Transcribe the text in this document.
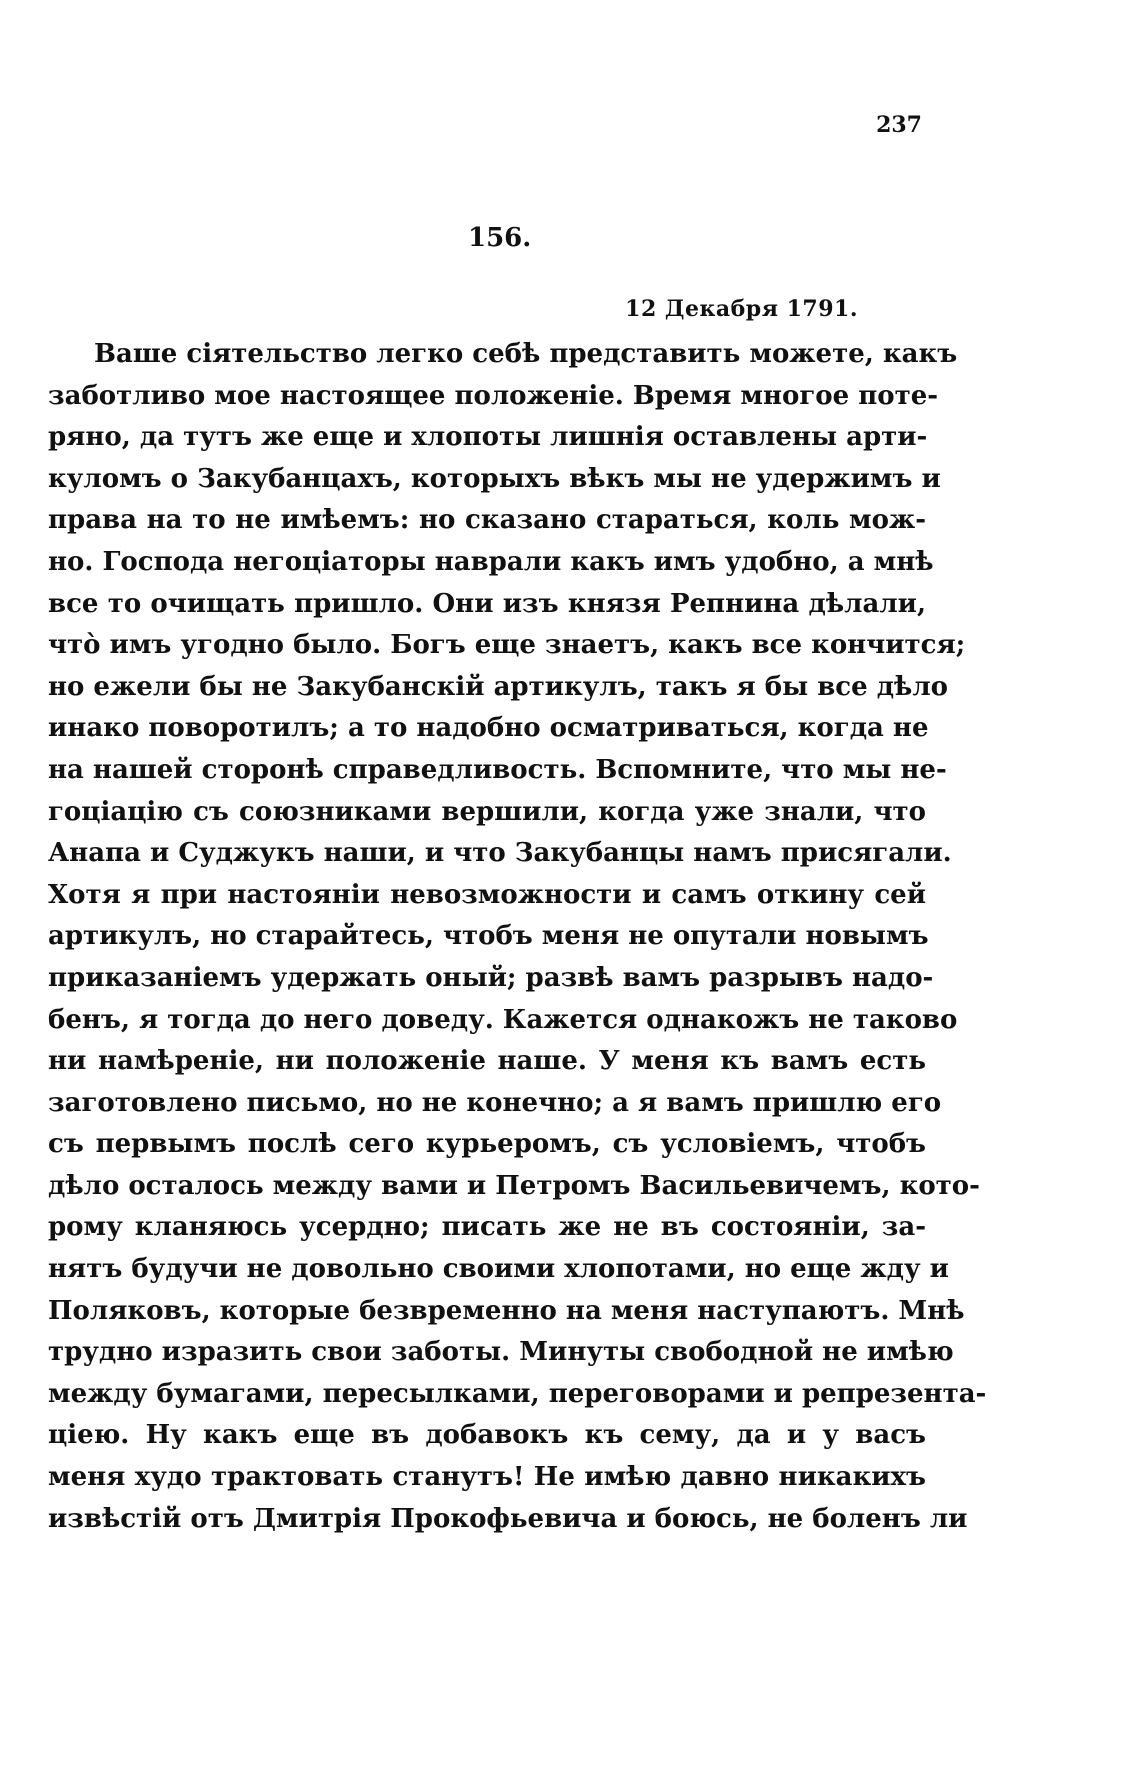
237
156.
12 Декабря 1791.
Ваше сіятельство легко себѣ представить можете, какъ
заботливо мое настоящее положеніе. Время многое поте-
ряно, да тутъ же еще и хлопоты лишнія оставлены арти-
куломъ о Закубанцахъ, которыхъ вѣкъ мы не удержимъ и
права на то не имѣемъ: но сказано стараться, коль мож-
но. Господа негоціаторы наврали какъ имъ удобно, а мнѣ
все то очищать пришло. Они изъ князя Репнина дѣлали,
что̀ имъ угодно было. Богъ еще знаетъ, какъ все кончится;
но ежели бы не Закубанскій артикулъ, такъ я бы все дѣло
инако поворотилъ; а то надобно осматриваться, когда не
на нашей сторонѣ справедливость. Вспомните, что мы не-
гоціацію съ союзниками вершили, когда уже знали, что
Анапа и Суджукъ наши, и что Закубанцы намъ присягали.
Хотя я при настояніи невозможности и самъ откину сей
артикулъ, но старайтесь, чтобъ меня не опутали новымъ
приказаніемъ удержать оный; развѣ вамъ разрывъ надо-
бенъ, я тогда до него доведу. Кажется однакожъ не таково
ни намѣреніе, ни положеніе наше. У меня къ вамъ есть
заготовлено письмо, но не конечно; а я вамъ пришлю его
съ первымъ послѣ сего курьеромъ, съ условіемъ, чтобъ
дѣло осталось между вами и Петромъ Васильевичемъ, кото-
рому кланяюсь усердно; писать же не въ состояніи, за-
нятъ будучи не довольно своими хлопотами, но еще жду и
Поляковъ, которые безвременно на меня наступаютъ. Мнѣ
трудно изразить свои заботы. Минуты свободной не имѣю
между бумагами, пересылками, переговорами и репрезента-
ціею. Ну какъ еще въ добавокъ къ сему, да и у васъ
меня худо трактовать станутъ! Не имѣю давно никакихъ
извѣстій отъ Дмитрія Прокофьевича и боюсь, не боленъ ли
